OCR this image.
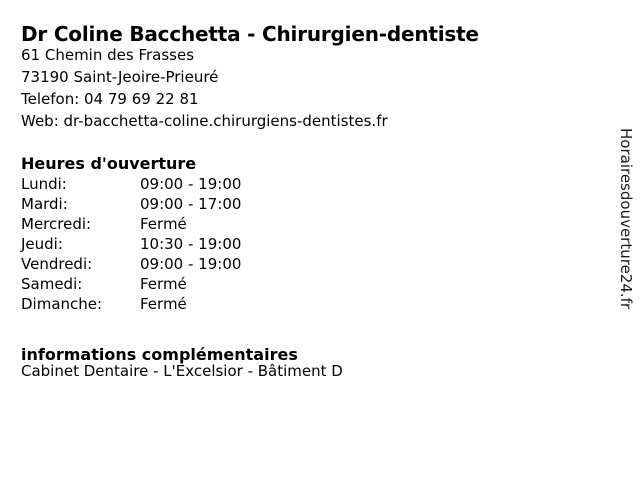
Dr Coline Bacchetta - Chirurgien-dentiste
61 Chemin des Frasses
73190 Saint-Jeoire-Prieuré
Telefon: 04 79 69 22 81
Web: dr-bacchetta-coline.chirurgiens-dentistes.fr
Heures d'ouverture
Lundi:	09:00 - 19:00
Mardi:	09:00 - 17:00
Mercredi:	Fermé
Jeudi:	10:30 - 19:00
Vendredi:	09:00 - 19:00
Samedi:	Fermé
Dimanche:	Fermé
informations complémentaires
Cabinet Dentaire - L'Excelsior - Bâtiment D
Horairesdouverture24.fr
